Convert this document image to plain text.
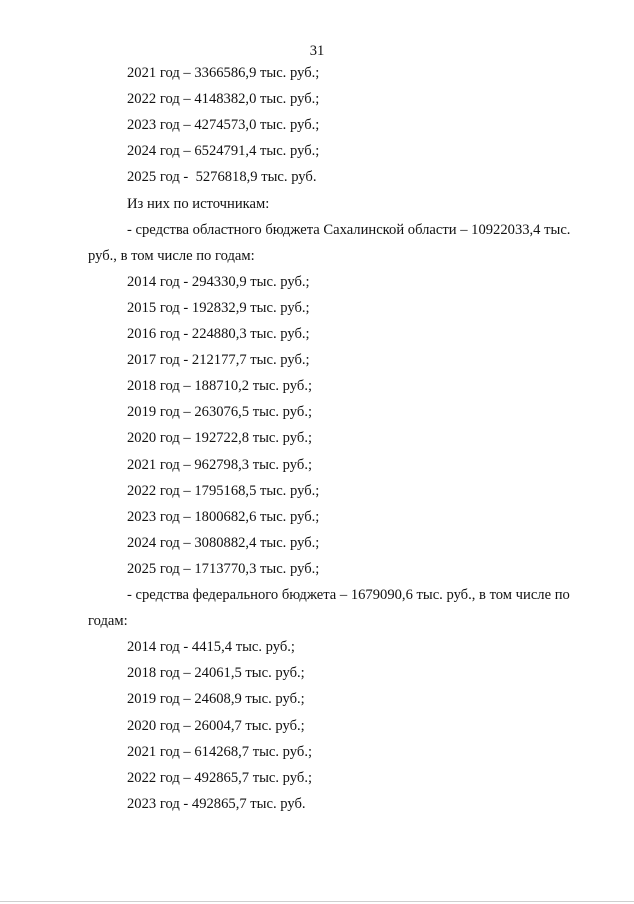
31
2021 год – 3366586,9 тыс. руб.;
2022 год – 4148382,0 тыс. руб.;
2023 год – 4274573,0 тыс. руб.;
2024 год – 6524791,4 тыс. руб.;
2025 год -  5276818,9 тыс. руб.
Из них по источникам:
- средства областного бюджета Сахалинской области – 10922033,4 тыс.
руб., в том числе по годам:
2014 год - 294330,9 тыс. руб.;
2015 год - 192832,9 тыс. руб.;
2016 год - 224880,3 тыс. руб.;
2017 год - 212177,7 тыс. руб.;
2018 год – 188710,2 тыс. руб.;
2019 год – 263076,5 тыс. руб.;
2020 год – 192722,8 тыс. руб.;
2021 год – 962798,3 тыс. руб.;
2022 год – 1795168,5 тыс. руб.;
2023 год – 1800682,6 тыс. руб.;
2024 год – 3080882,4 тыс. руб.;
2025 год – 1713770,3 тыс. руб.;
- средства федерального бюджета – 1679090,6 тыс. руб., в том числе по
годам:
2014 год - 4415,4 тыс. руб.;
2018 год – 24061,5 тыс. руб.;
2019 год – 24608,9 тыс. руб.;
2020 год – 26004,7 тыс. руб.;
2021 год – 614268,7 тыс. руб.;
2022 год – 492865,7 тыс. руб.;
2023 год - 492865,7 тыс. руб.
